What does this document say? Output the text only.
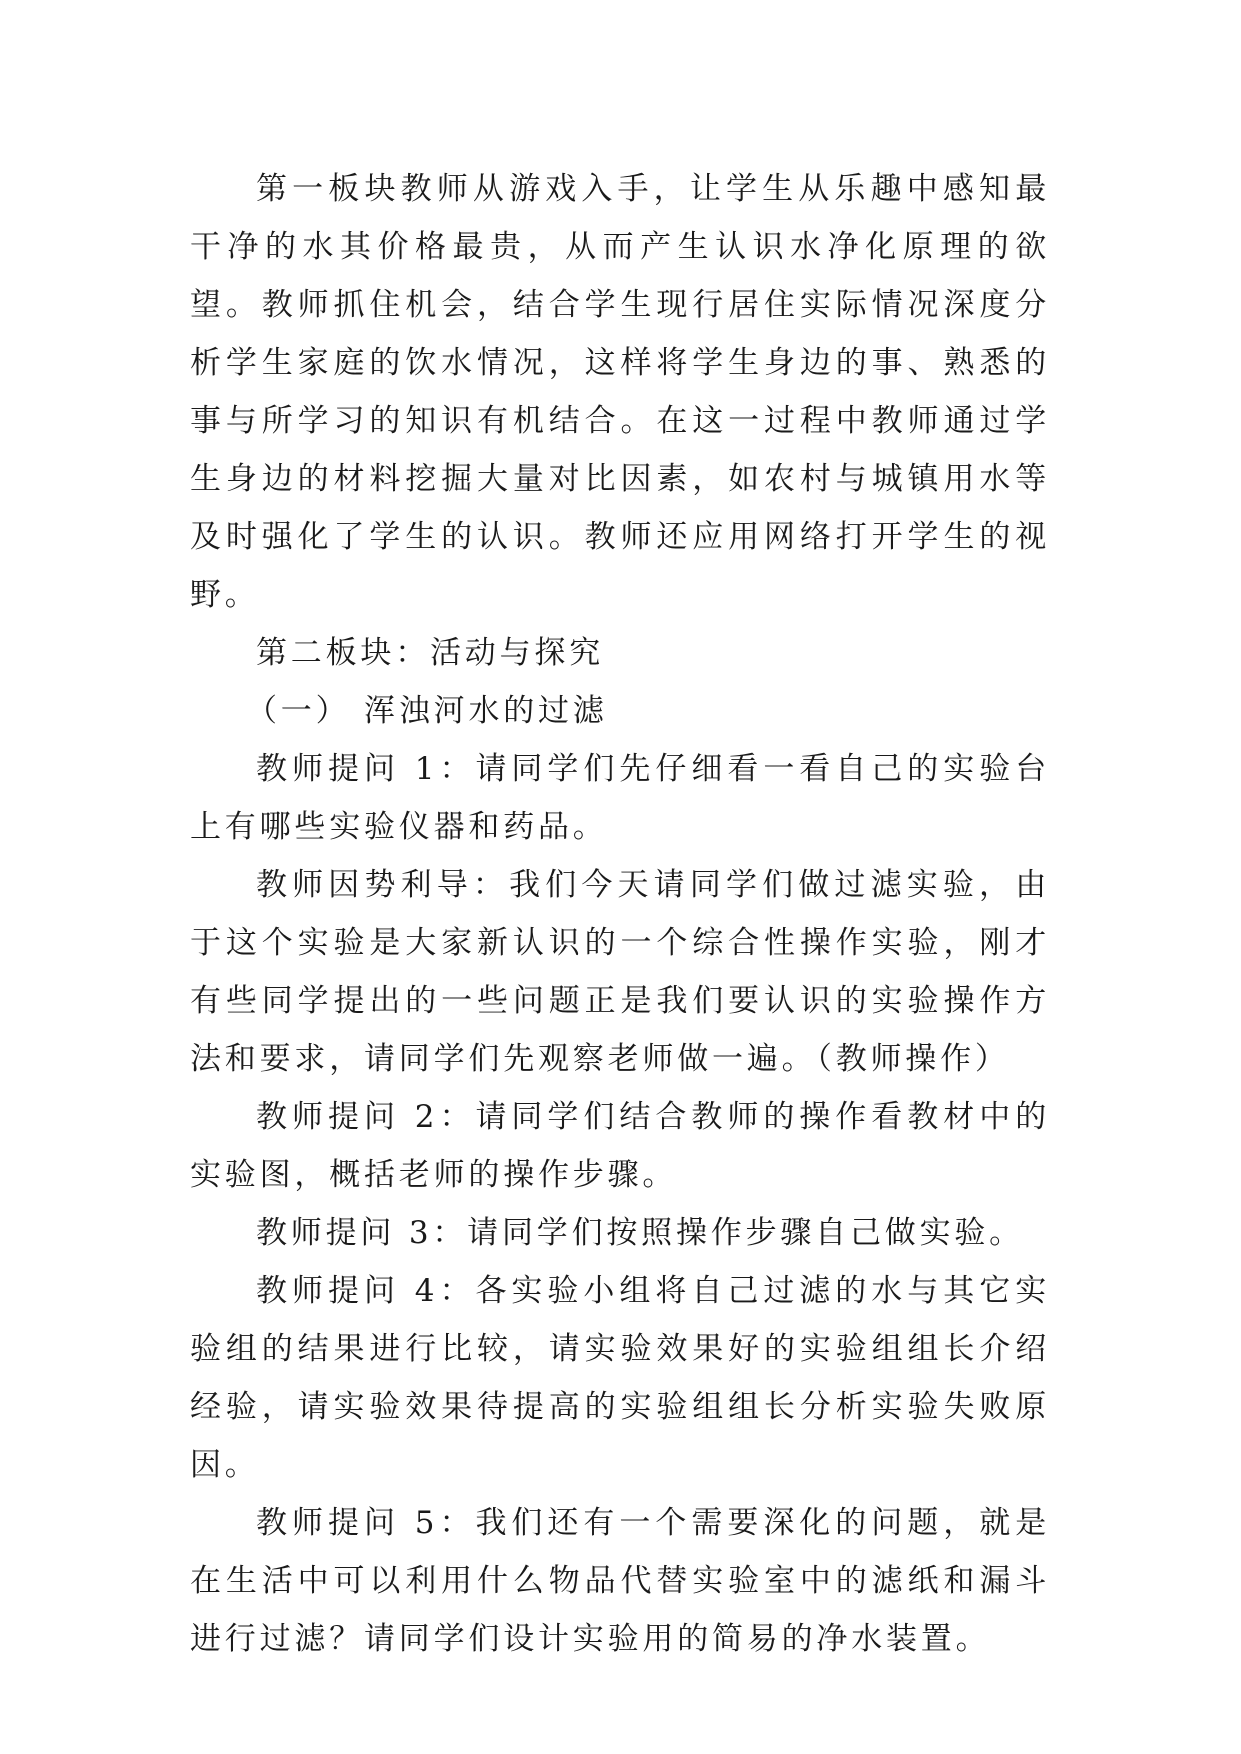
第一板块教师从游戏入手，让学生从乐趣中感知最干净的水其价格最贵，从而产生认识水净化原理的欲望。教师抓住机会，结合学生现行居住实际情况深度分析学生家庭的饮水情况，这样将学生身边的事、熟悉的事与所学习的知识有机结合。在这一过程中教师通过学生身边的材料挖掘大量对比因素，如农村与城镇用水等及时强化了学生的认识。教师还应用网络打开学生的视野。

第二板块：活动与探究

（一） 浑浊河水的过滤

教师提问 1：请同学们先仔细看一看自己的实验台上有哪些实验仪器和药品。

教师因势利导：我们今天请同学们做过滤实验，由于这个实验是大家新认识的一个综合性操作实验，刚才有些同学提出的一些问题正是我们要认识的实验操作方法和要求，请同学们先观察老师做一遍。（教师操作）

教师提问 2：请同学们结合教师的操作看教材中的实验图，概括老师的操作步骤。

教师提问 3：请同学们按照操作步骤自己做实验。

教师提问 4：各实验小组将自己过滤的水与其它实验组的结果进行比较，请实验效果好的实验组组长介绍经验，请实验效果待提高的实验组组长分析实验失败原因。

教师提问 5：我们还有一个需要深化的问题，就是在生活中可以利用什么物品代替实验室中的滤纸和漏斗进行过滤？请同学们设计实验用的简易的净水装置。
